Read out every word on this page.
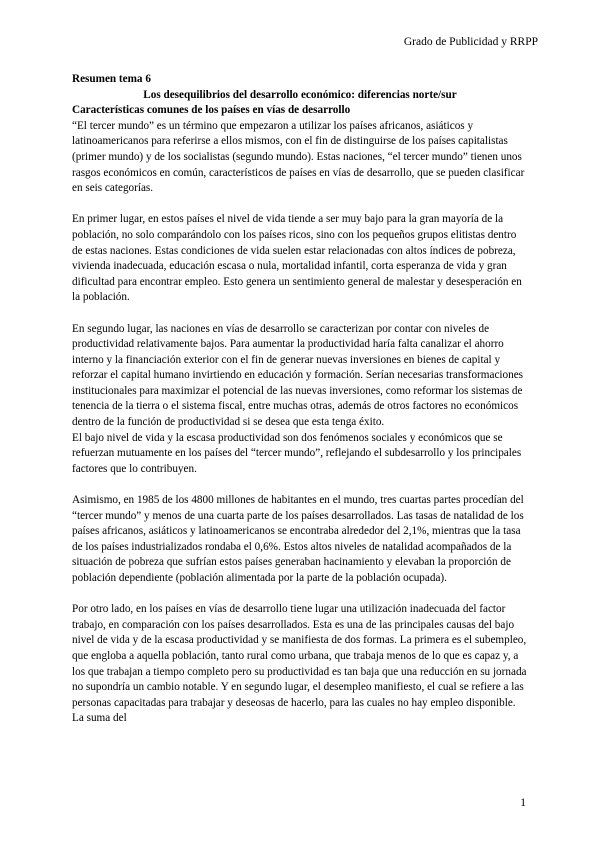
Grado de Publicidad y RRPP
Resumen tema 6
Los desequilibrios del desarrollo económico: diferencias norte/sur
Características comunes de los países en vías de desarrollo

“El tercer mundo” es un término que empezaron a utilizar los países africanos, asiáticos y latinoamericanos para referirse a ellos mismos, con el fin de distinguirse de los países capitalistas (primer mundo) y de los socialistas (segundo mundo). Estas naciones, “el tercer mundo” tienen unos rasgos económicos en común, característicos de países en vías de desarrollo, que se pueden clasificar en seis categorías.

En primer lugar, en estos países el nivel de vida tiende a ser muy bajo para la gran mayoría de la población, no solo comparándolo con los países ricos, sino con los pequeños grupos elitistas dentro de estas naciones. Estas condiciones de vida suelen estar relacionadas con altos índices de pobreza, vivienda inadecuada, educación escasa o nula, mortalidad infantil, corta esperanza de vida y gran dificultad para encontrar empleo. Esto genera un sentimiento general de malestar y desesperación en la población.

En segundo lugar, las naciones en vías de desarrollo se caracterizan por contar con niveles de productividad relativamente bajos. Para aumentar la productividad haría falta canalizar el ahorro interno y la financiación exterior con el fin de generar nuevas inversiones en bienes de capital y reforzar el capital humano invirtiendo en educación y formación. Serían necesarias transformaciones institucionales para maximizar el potencial de las nuevas inversiones, como reformar los sistemas de tenencia de la tierra o el sistema fiscal, entre muchas otras, además de otros factores no económicos dentro de la función de productividad si se desea que esta tenga éxito.

El bajo nivel de vida y la escasa productividad son dos fenómenos sociales y económicos que se refuerzan mutuamente en los países del “tercer mundo”, reflejando el subdesarrollo y los principales factores que lo contribuyen.

Asimismo, en 1985 de los 4800 millones de habitantes en el mundo, tres cuartas partes procedían del “tercer mundo” y menos de una cuarta parte de los países desarrollados. Las tasas de natalidad de los países africanos, asiáticos y latinoamericanos se encontraba alrededor del 2,1%, mientras que la tasa de los países industrializados rondaba el 0,6%. Estos altos niveles de natalidad acompañados de la situación de pobreza que sufrían estos países generaban hacinamiento y elevaban la proporción de población dependiente (población alimentada por la parte de la población ocupada).

Por otro lado, en los países en vías de desarrollo tiene lugar una utilización inadecuada del factor trabajo, en comparación con los países desarrollados. Esta es una de las principales causas del bajo nivel de vida y de la escasa productividad y se manifiesta de dos formas. La primera es el subempleo, que engloba a aquella población, tanto rural como urbana, que trabaja menos de lo que es capaz y, a los que trabajan a tiempo completo pero su productividad es tan baja que una reducción en su jornada no supondría un cambio notable. Y en segundo lugar, el desempleo manifiesto, el cual se refiere a las personas capacitadas para trabajar y deseosas de hacerlo, para las cuales no hay empleo disponible. La suma del

1
